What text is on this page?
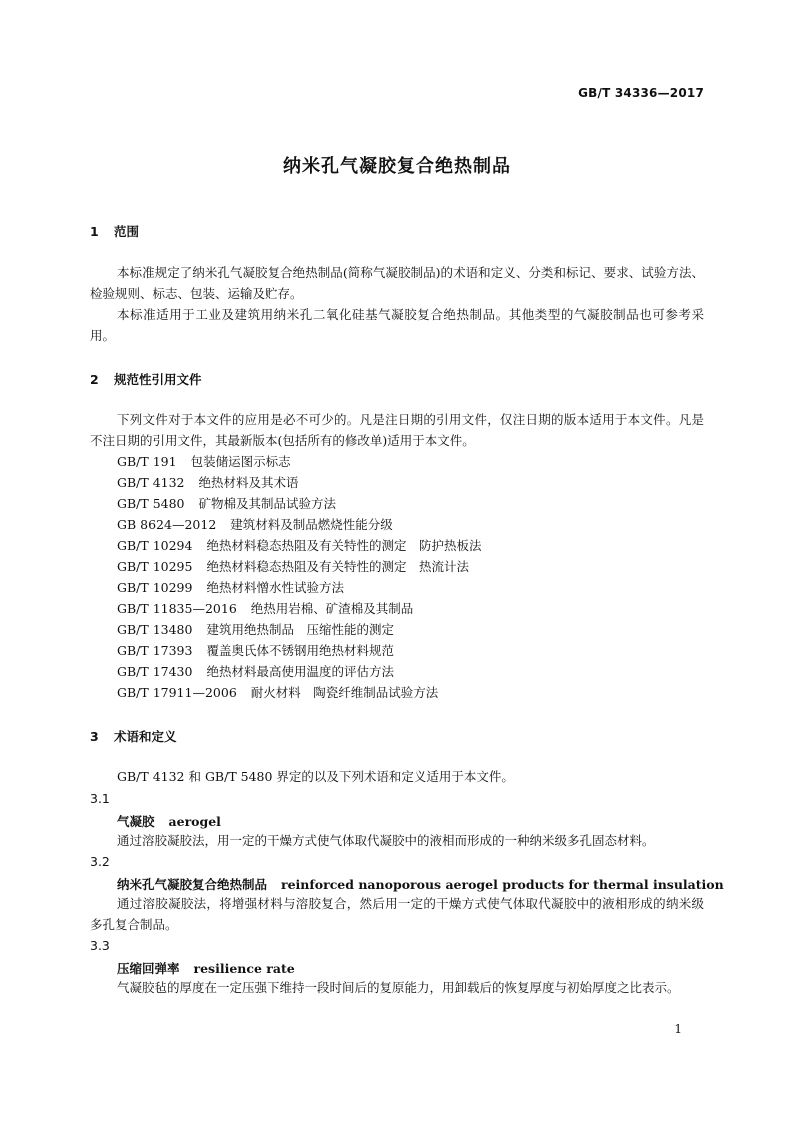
GB/T 34336—2017
纳米孔气凝胶复合绝热制品
1 范围
本标准规定了纳米孔气凝胶复合绝热制品(简称气凝胶制品)的术语和定义、分类和标记、要求、试验方法、检验规则、标志、包装、运输及贮存。
本标准适用于工业及建筑用纳米孔二氧化硅基气凝胶复合绝热制品。其他类型的气凝胶制品也可参考采用。
2 规范性引用文件
下列文件对于本文件的应用是必不可少的。凡是注日期的引用文件，仅注日期的版本适用于本文件。凡是不注日期的引用文件，其最新版本(包括所有的修改单)适用于本文件。
GB/T 191 包装储运图示标志
GB/T 4132 绝热材料及其术语
GB/T 5480 矿物棉及其制品试验方法
GB 8624—2012 建筑材料及制品燃烧性能分级
GB/T 10294 绝热材料稳态热阻及有关特性的测定　防护热板法
GB/T 10295 绝热材料稳态热阻及有关特性的测定　热流计法
GB/T 10299 绝热材料憎水性试验方法
GB/T 11835—2016 绝热用岩棉、矿渣棉及其制品
GB/T 13480 建筑用绝热制品　压缩性能的测定
GB/T 17393 覆盖奥氏体不锈钢用绝热材料规范
GB/T 17430 绝热材料最高使用温度的评估方法
GB/T 17911—2006 耐火材料　陶瓷纤维制品试验方法
3 术语和定义
GB/T 4132 和 GB/T 5480 界定的以及下列术语和定义适用于本文件。
3.1
气凝胶 aerogel
通过溶胶凝胶法，用一定的干燥方式使气体取代凝胶中的液相而形成的一种纳米级多孔固态材料。
3.2
纳米孔气凝胶复合绝热制品 reinforced nanoporous aerogel products for thermal insulation
通过溶胶凝胶法，将增强材料与溶胶复合，然后用一定的干燥方式使气体取代凝胶中的液相形成的纳米级多孔复合制品。
3.3
压缩回弹率 resilience rate
气凝胶毡的厚度在一定压强下维持一段时间后的复原能力，用卸载后的恢复厚度与初始厚度之比表示。
1
